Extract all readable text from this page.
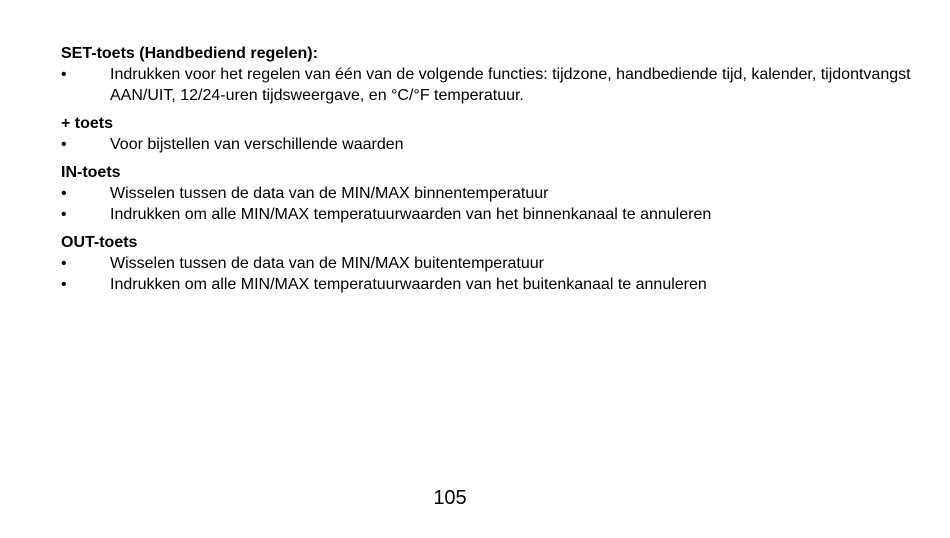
SET-toets (Handbediend regelen):

•	Indrukken voor het regelen van één van de volgende functies: tijdzone, handbediende tijd, kalender, tijdontvangst AAN/UIT, 12/24-uren tijdsweergave, en °C/°F temperatuur.

+ toets

•	Voor bijstellen van verschillende waarden

IN-toets

•	Wisselen tussen de data van de MIN/MAX binnentemperatuur
•	Indrukken om alle MIN/MAX temperatuurwaarden van het binnenkanaal te annuleren

OUT-toets

•	Wisselen tussen de data van de MIN/MAX buitentemperatuur
•	Indrukken om alle MIN/MAX temperatuurwaarden van het buitenkanaal te annuleren
105
